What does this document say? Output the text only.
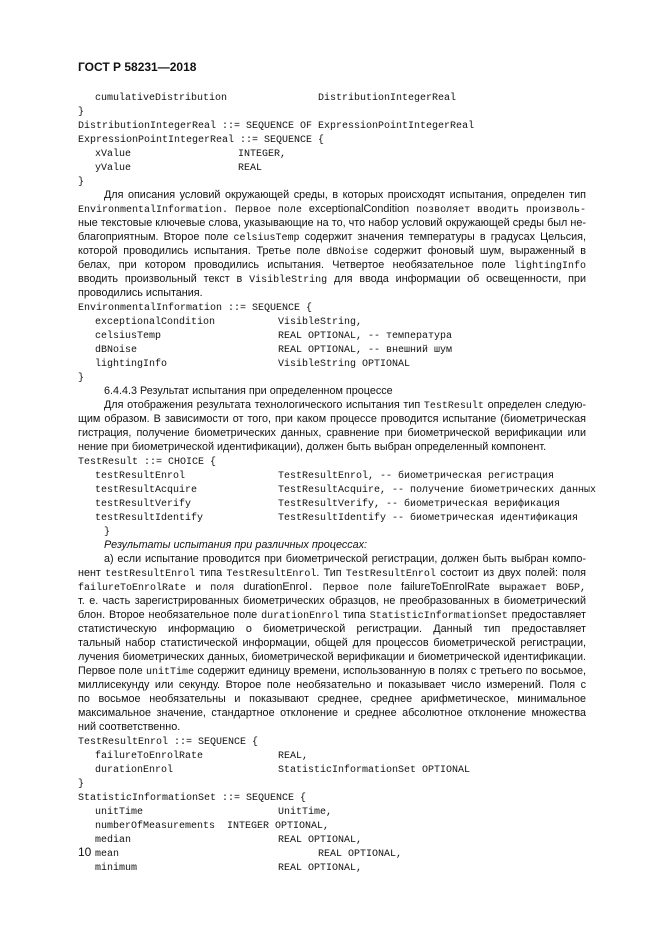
ГОСТ Р 58231—2018
cumulativeDistribution	DistributionIntegerReal
}
DistributionIntegerReal ::= SEQUENCE OF ExpressionPointIntegerReal
ExpressionPointIntegerReal ::= SEQUENCE {
xValue	INTEGER,
yValue	REAL
}
Для описания условий окружающей среды, в которых происходят испытания, определен тип
EnvironmentalInformation. Первое поле exceptionalCondition позволяет вводить произволь-
ные текстовые ключевые слова, указывающие на то, что набор условий окружающей среды был не-
благоприятным. Второе поле celsiusTemp содержит значения температуры в градусах Цельсия,
которой проводились испытания. Третье поле dBNoise содержит фоновый шум, выраженный в
белах, при котором проводились испытания. Четвертое необязательное поле lightingInfo
вводить произвольный текст в VisibleString для ввода информации об освещенности, при
проводились испытания.
EnvironmentalInformation ::= SEQUENCE {
exceptionalCondition	VisibleString,
celsiusTemp	REAL OPTIONAL, -- температура
dBNoise	REAL OPTIONAL, -- внешний шум
lightingInfo	VisibleString OPTIONAL
}
6.4.4.3 Результат испытания при определенном процессе
Для отображения результата технологического испытания тип TestResult определен следую-
щим образом. В зависимости от того, при каком процессе проводится испытание (биометрическая
гистрация, получение биометрических данных, сравнение при биометрической верификации или
нение при биометрической идентификации), должен быть выбран определенный компонент.
TestResult ::= CHOICE {
testResultEnrol	TestResultEnrol, -- биометрическая регистрация
testResultAcquire	TestResultAcquire, -- получение биометрических данных
testResultVerify	TestResultVerify, -- биометрическая верификация
testResultIdentify	TestResultIdentify -- биометрическая идентификация
}
Результаты испытания при различных процессах:
а) если испытание проводится при биометрической регистрации, должен быть выбран компо-
нент testResultEnrol типа TestResultEnrol. Тип TestResultEnrol состоит из двух полей: поля
failureToEnrolRate и поля durationEnrol. Первое поле failureToEnrolRate выражает ВОБР,
т. е. часть зарегистрированных биометрических образцов, не преобразованных в биометрический
блон. Второе необязательное поле durationEnrol типа StatisticInformationSet предоставляет
статистическую информацию о биометрической регистрации. Данный тип предоставляет
тальный набор статистической информации, общей для процессов биометрической регистрации,
лучения биометрических данных, биометрической верификации и биометрической идентификации.
Первое поле unitTime содержит единицу времени, использованную в полях с третьего по восьмое,
миллисекунду или секунду. Второе поле необязательно и показывает число измерений. Поля с
по восьмое необязательны и показывают среднее, среднее арифметическое, минимальное
максимальное значение, стандартное отклонение и среднее абсолютное отклонение множества
ний соответственно.
TestResultEnrol ::= SEQUENCE {
failureToEnrolRate	REAL,
durationEnrol	StatisticInformationSet OPTIONAL
}
StatisticInformationSet ::= SEQUENCE {
unitTime	UnitTime,
numberOfMeasurements  INTEGER OPTIONAL,
median	REAL OPTIONAL,
mean	REAL OPTIONAL,
minimum	REAL OPTIONAL,
10
